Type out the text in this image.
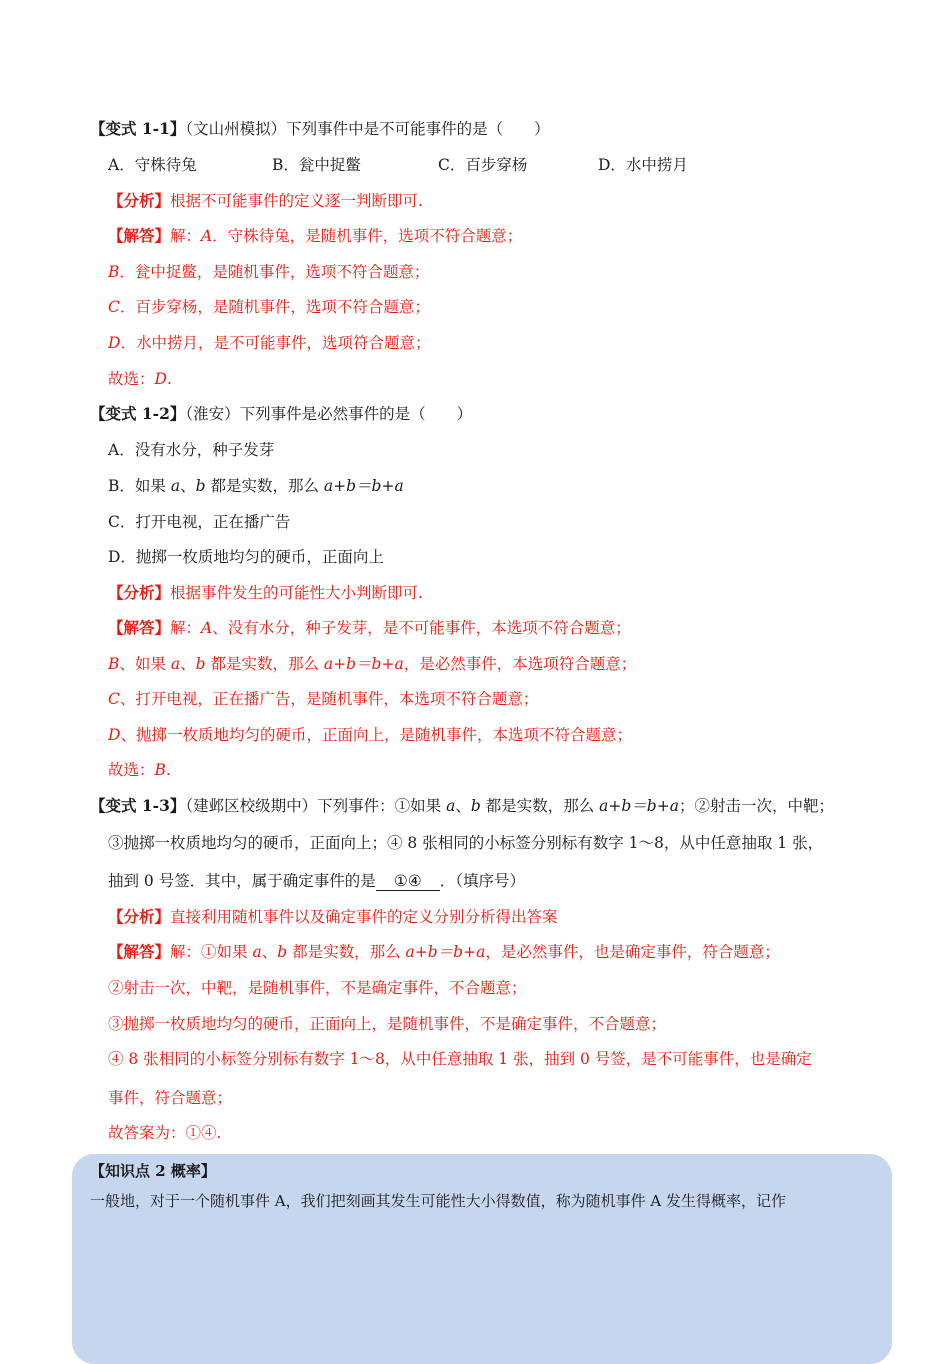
【变式 1-1】（文山州模拟）下列事件中是不可能事件的是（　　）
A．守株待兔	B．瓮中捉鳖	C．百步穿杨	D．水中捞月
【分析】根据不可能事件的定义逐一判断即可.
【解答】解：A．守株待兔，是随机事件，选项不符合题意；
B．瓮中捉鳖，是随机事件，选项不符合题意；
C．百步穿杨，是随机事件，选项不符合题意；
D．水中捞月，是不可能事件，选项符合题意；
故选：D.
【变式 1-2】（淮安）下列事件是必然事件的是（　　）
A．没有水分，种子发芽
B．如果 a、b 都是实数，那么 a+b＝b+a
C．打开电视，正在播广告
D．抛掷一枚质地均匀的硬币，正面向上
【分析】根据事件发生的可能性大小判断即可.
【解答】解：A、没有水分，种子发芽，是不可能事件，本选项不符合题意；
B、如果 a、b 都是实数，那么 a+b＝b+a，是必然事件，本选项符合题意；
C、打开电视，正在播广告，是随机事件，本选项不符合题意；
D、抛掷一枚质地均匀的硬币，正面向上，是随机事件，本选项不符合题意；
故选：B.
【变式 1-3】（建邺区校级期中）下列事件：①如果 a、b 都是实数，那么 a+b＝b+a；②射击一次，中靶；
③抛掷一枚质地均匀的硬币，正面向上；④ 8 张相同的小标签分别标有数字 1～8，从中任意抽取 1 张，
抽到 0 号签．其中，属于确定事件的是 ①④ ．（填序号）
【分析】直接利用随机事件以及确定事件的定义分别分析得出答案
【解答】解：①如果 a、b 都是实数，那么 a+b＝b+a，是必然事件，也是确定事件，符合题意；
②射击一次，中靶，是随机事件，不是确定事件，不合题意；
③抛掷一枚质地均匀的硬币，正面向上，是随机事件，不是确定事件，不合题意；
④ 8 张相同的小标签分别标有数字 1～8，从中任意抽取 1 张，抽到 0 号签，是不可能事件，也是确定
事件，符合题意；
故答案为：①④.
【知识点 2 概率】
一般地，对于一个随机事件 A，我们把刻画其发生可能性大小得数值，称为随机事件 A 发生得概率，记作
